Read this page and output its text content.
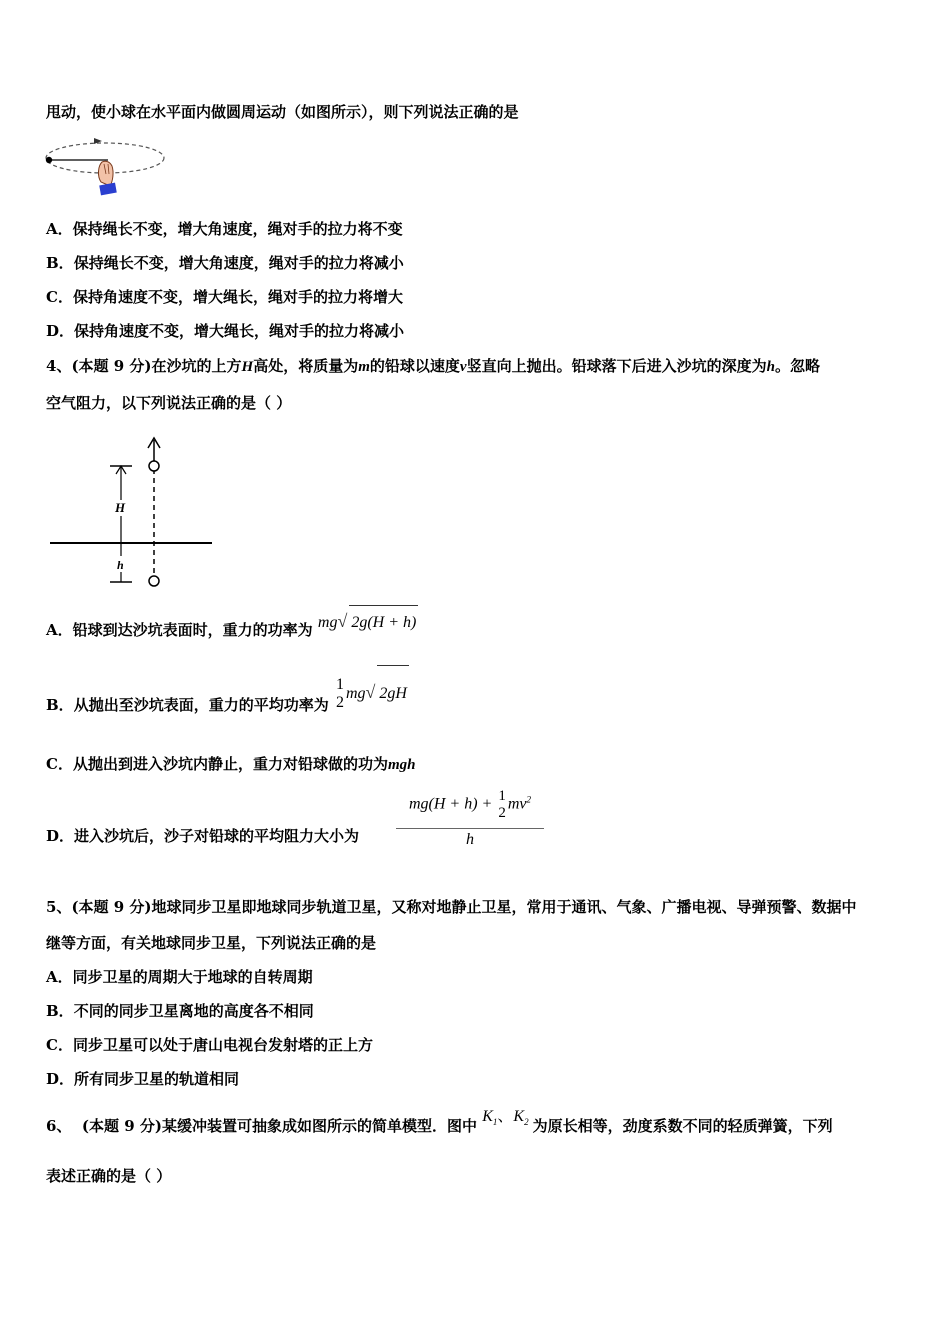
甩动，使小球在水平面内做圆周运动（如图所示），则下列说法正确的是
A．保持绳长不变，增大角速度，绳对手的拉力将不变
B．保持绳长不变，增大角速度，绳对手的拉力将减小
C．保持角速度不变，增大绳长，绳对手的拉力将增大
D．保持角速度不变，增大绳长，绳对手的拉力将减小
4、(本题 9 分)在沙坑的上方H高处，将质量为m的铅球以速度v竖直向上抛出。铅球落下后进入沙坑的深度为h。忽略
空气阻力，以下列说法正确的是（ ）
H
h
A．铅球到达沙坑表面时，重力的功率为 mg√ 2g(H + h)
B．从抛出至沙坑表面，重力的平均功率为
1
2
mg√ 2gH
C．从抛出到进入沙坑内静止，重力对铅球做的功为mgh
D．进入沙坑后，沙子对铅球的平均阻力大小为
mg(H + h) + 1
2
$mv^2$
h
5、(本题 9 分)地球同步卫星即地球同步轨道卫星，又称对地静止卫星，常用于通讯、气象、广播电视、导弹预警、数据中
继等方面，有关地球同步卫星，下列说法正确的是
A．同步卫星的周期大于地球的自转周期
B．不同的同步卫星离地的高度各不相同
C．同步卫星可以处于唐山电视台发射塔的正上方
D．所有同步卫星的轨道相同
6、 (本题 9 分)某缓冲装置可抽象成如图所示的简单模型．图中 $K_1$、$K_2$ 为原长相等，劲度系数不同的轻质弹簧，下列
表述正确的是（ ）
